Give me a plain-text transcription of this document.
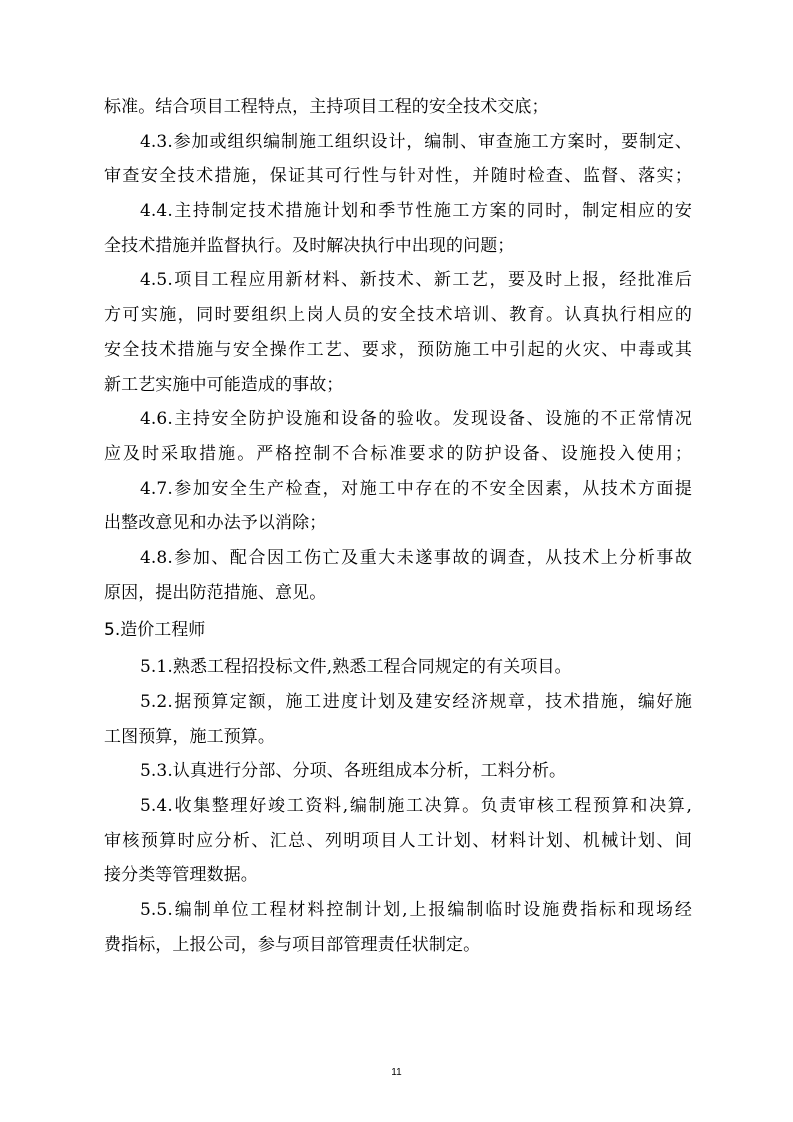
标准。结合项目工程特点，主持项目工程的安全技术交底；
4.3.参加或组织编制施工组织设计，编制、审查施工方案时，要制定、
审查安全技术措施，保证其可行性与针对性，并随时检查、监督、落实；
4.4.主持制定技术措施计划和季节性施工方案的同时，制定相应的安
全技术措施并监督执行。及时解决执行中出现的问题；
4.5.项目工程应用新材料、新技术、新工艺，要及时上报，经批准后
方可实施，同时要组织上岗人员的安全技术培训、教育。认真执行相应的
安全技术措施与安全操作工艺、要求，预防施工中引起的火灾、中毒或其
新工艺实施中可能造成的事故；
4.6.主持安全防护设施和设备的验收。发现设备、设施的不正常情况
应及时采取措施。严格控制不合标准要求的防护设备、设施投入使用；
4.7.参加安全生产检查，对施工中存在的不安全因素，从技术方面提
出整改意见和办法予以消除；
4.8.参加、配合因工伤亡及重大未遂事故的调查，从技术上分析事故
原因，提出防范措施、意见。
5.造价工程师
5.1.熟悉工程招投标文件,熟悉工程合同规定的有关项目。
5.2.据预算定额，施工进度计划及建安经济规章，技术措施，编好施
工图预算，施工预算。
5.3.认真进行分部、分项、各班组成本分析，工料分析。
5.4.收集整理好竣工资料,编制施工决算。负责审核工程预算和决算,
审核预算时应分析、汇总、列明项目人工计划、材料计划、机械计划、间
接分类等管理数据。
5.5.编制单位工程材料控制计划,上报编制临时设施费指标和现场经
费指标，上报公司，参与项目部管理责任状制定。
11
